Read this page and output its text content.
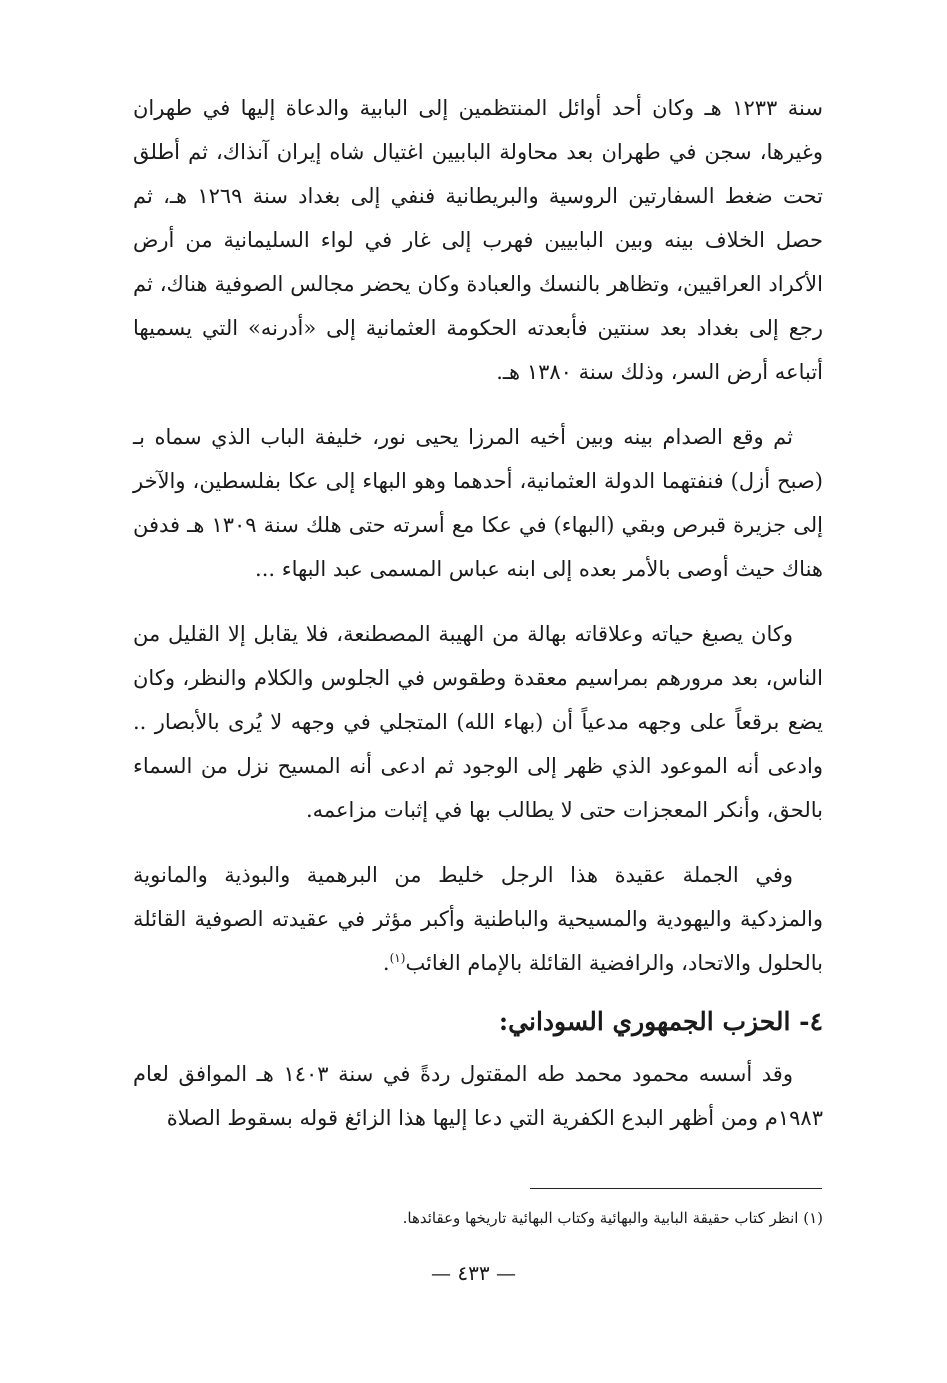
سنة ١٢٣٣ هـ وكان أحد أوائل المنتظمين إلى البابية والدعاة إليها في طهران وغيرها، سجن في طهران بعد محاولة البابيين اغتيال شاه إيران آنذاك، ثم أطلق تحت ضغط السفارتين الروسية والبريطانية فنفي إلى بغداد سنة ١٢٦٩ هـ، ثم حصل الخلاف بينه وبين البابيين فهرب إلى غار في لواء السليمانية من أرض الأكراد العراقيين، وتظاهر بالنسك والعبادة وكان يحضر مجالس الصوفية هناك، ثم رجع إلى بغداد بعد سنتين فأبعدته الحكومة العثمانية إلى «أدرنه» التي يسميها أتباعه أرض السر، وذلك سنة ١٣٨٠ هـ.
ثم وقع الصدام بينه وبين أخيه المرزا يحيى نور، خليفة الباب الذي سماه بـ (صبح أزل) فنفتهما الدولة العثمانية، أحدهما وهو البهاء إلى عكا بفلسطين، والآخر إلى جزيرة قبرص وبقي (البهاء) في عكا مع أسرته حتى هلك سنة ١٣٠٩ هـ فدفن هناك حيث أوصى بالأمر بعده إلى ابنه عباس المسمى عبد البهاء ...
وكان يصبغ حياته وعلاقاته بهالة من الهيبة المصطنعة، فلا يقابل إلا القليل من الناس، بعد مرورهم بمراسيم معقدة وطقوس في الجلوس والكلام والنظر، وكان يضع برقعاً على وجهه مدعياً أن (بهاء الله) المتجلي في وجهه لا يُرى بالأبصار .. وادعى أنه الموعود الذي ظهر إلى الوجود ثم ادعى أنه المسيح نزل من السماء بالحق، وأنكر المعجزات حتى لا يطالب بها في إثبات مزاعمه.
وفي الجملة عقيدة هذا الرجل خليط من البرهمية والبوذية والمانوية والمزدكية واليهودية والمسيحية والباطنية وأكبر مؤثر في عقيدته الصوفية القائلة بالحلول والاتحاد، والرافضية القائلة بالإمام الغائب$^{(١)}$.
٤- الحزب الجمهوري السوداني:
وقد أسسه محمود محمد طه المقتول ردةً في سنة ١٤٠٣ هـ الموافق لعام ١٩٨٣م ومن أظهر البدع الكفرية التي دعا إليها هذا الزائغ قوله بسقوط الصلاة
(١) انظر كتاب حقيقة البابية والبهائية وكتاب البهائية تاريخها وعقائدها.
— ٤٣٣ —
